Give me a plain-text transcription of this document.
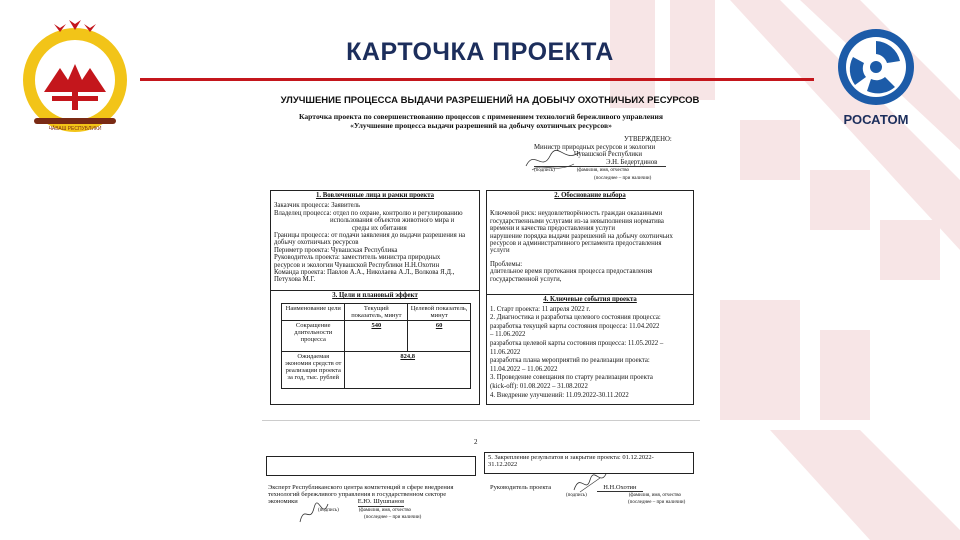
ЧĂВАШ РЕСПУБЛИКИ
РОСАТОМ
КАРТОЧКА ПРОЕКТА
УЛУЧШЕНИЕ ПРОЦЕССА ВЫДАЧИ РАЗРЕШЕНИЙ НА ДОБЫЧУ ОХОТНИЧЬИХ РЕСУРСОВ
Карточка проекта по совершенствованию процессов с применением технологий бережливого управления
«Улучшение процесса выдачи разрешений на добычу охотничьих ресурсов»
УТВЕРЖДЕНО:
Министр природных ресурсов и экологии
Чувашской Республики
Э.Н. Бедертдинов
(подпись)	(фамилия, имя, отчество
(последнее – при наличии)
1. Вовлеченные лица и рамки проекта

Заказчик процесса: Заявитель

Владелец процесса: отдел по охране, контролю и регулированию

использования объектов животного мира и

среды их обитания

Границы процесса: от подачи заявления до выдачи разрешения на

добычу охотничьих ресурсов

Периметр проекта: Чувашская Республика

Руководитель проекта: заместитель министра природных

ресурсов и экологии Чувашской Республики Н.Н.Охотин

Команда проекта: Павлов А.А., Николаева А.Л., Волкова Я.Д.,

Петухова М.Г.

3. Цели и плановый эффект
Наименование цели	Текущий показатель, минут	Целевой показатель, минут
Сокращение длительности процесса	540	60
Ожидаемая экономия средств от реализации проекта за год, тыс. рублей	824,8	
2. Обоснование выбора

Ключевой риск: неудовлетворённость граждан оказанными

государственными услугами из-за невыполнения норматива

времени и качества предоставления услуги

нарушение порядка выдачи разрешений на добычу охотничьих

ресурсов и административного регламента предоставления

услуги

Проблемы:

длительное время протекания процесса предоставления

государственной услуги,

4. Ключевые события проекта

1. Старт проекта: 11 апреля 2022 г.

2. Диагностика и разработка целевого состояния процесса:

разработка текущей карты состояния процесса: 11.04.2022

– 11.06.2022

разработка целевой карты состояния процесса: 11.05.2022 –

11.06.2022

разработка плана мероприятий по реализации проекта:

11.04.2022 – 11.06.2022

3. Проведение совещания по старту реализации проекта

(kick-off): 01.08.2022 – 31.08.2022

4. Внедрение улучшений: 11.09.2022-30.11.2022

2
5. Закрепление результатов и закрытие проекта: 01.12.2022-
31.12.2022
Эксперт Республиканского центра компетенций в сфере внедрения
технологий бережливого управления в государственном секторе
экономики	Е.Ю. Шушпанов
(подпись)	(фамилия, имя, отчество
(последнее – при наличии)
Руководитель проекта	Н.Н.Охотин
(подпись)	(фамилия, имя, отчество
(последнее – при наличии)
